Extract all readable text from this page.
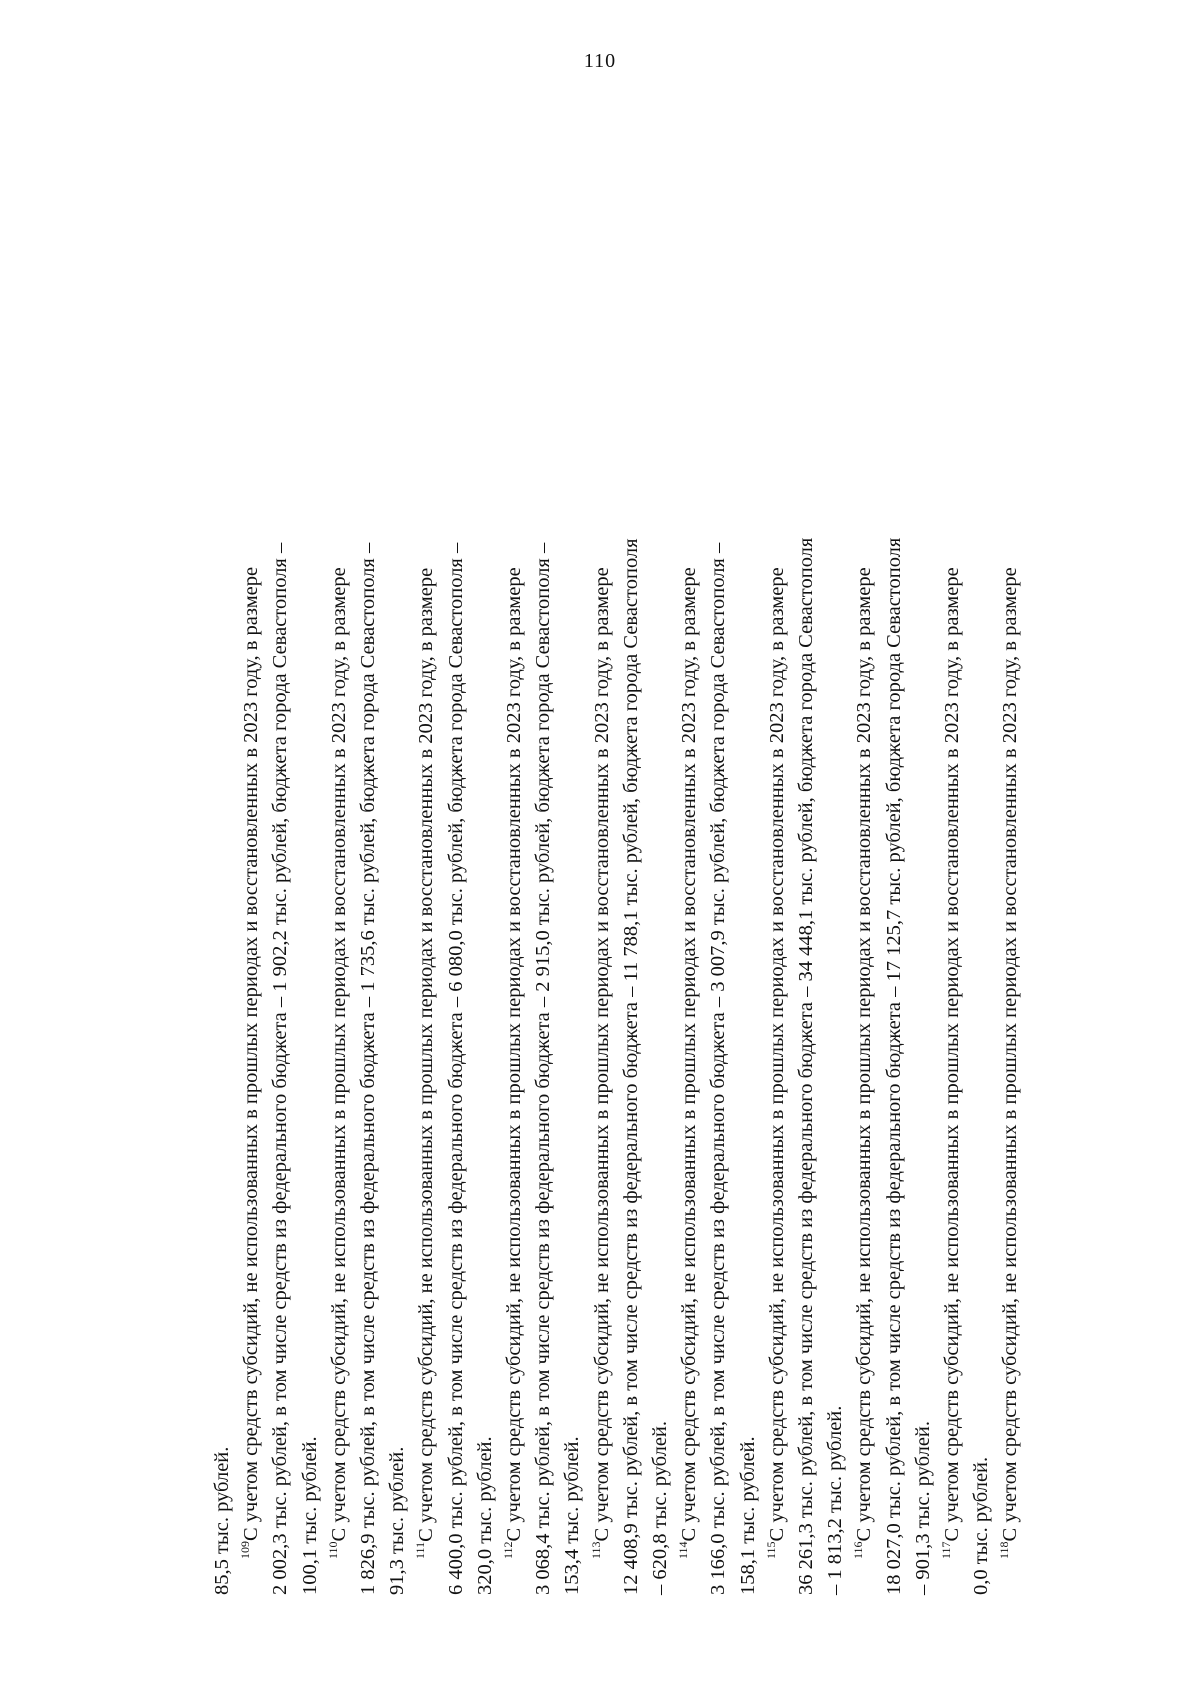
110
85,5 тыс. рублей. $^{109}$С учетом средств субсидий, не использованных в прошлых периодах и восстановленных в 2023 году, в размере 2 002,3 тыс. рублей, в том числе средств из федерального бюджета – 1 902,2 тыс. рублей, бюджета города Севастополя – 100,1 тыс. рублей. $^{110}$С учетом средств субсидий, не использованных в прошлых периодах и восстановленных в 2023 году, в размере 1 826,9 тыс. рублей, в том числе средств из федерального бюджета – 1 735,6 тыс. рублей, бюджета города Севастополя – 91,3 тыс. рублей. $^{111}$С учетом средств субсидий, не использованных в прошлых периодах и восстановленных в 2023 году, в размере 6 400,0 тыс. рублей, в том числе средств из федерального бюджета – 6 080,0 тыс. рублей, бюджета города Севастополя – 320,0 тыс. рублей. $^{112}$С учетом средств субсидий, не использованных в прошлых периодах и восстановленных в 2023 году, в размере 3 068,4 тыс. рублей, в том числе средств из федерального бюджета – 2 915,0 тыс. рублей, бюджета города Севастополя – 153,4 тыс. рублей. $^{113}$С учетом средств субсидий, не использованных в прошлых периодах и восстановленных в 2023 году, в размере 12 408,9 тыс. рублей, в том числе средств из федерального бюджета – 11 788,1 тыс. рублей, бюджета города Севастополя – 620,8 тыс. рублей. $^{114}$С учетом средств субсидий, не использованных в прошлых периодах и восстановленных в 2023 году, в размере 3 166,0 тыс. рублей, в том числе средств из федерального бюджета – 3 007,9 тыс. рублей, бюджета города Севастополя – 158,1 тыс. рублей. $^{115}$С учетом средств субсидий, не использованных в прошлых периодах и восстановленных в 2023 году, в размере 36 261,3 тыс. рублей, в том числе средств из федерального бюджета – 34 448,1 тыс. рублей, бюджета города Севастополя – 1 813,2 тыс. рублей. $^{116}$С учетом средств субсидий, не использованных в прошлых периодах и восстановленных в 2023 году, в размере 18 027,0 тыс. рублей, в том числе средств из федерального бюджета – 17 125,7 тыс. рублей, бюджета города Севастополя – 901,3 тыс. рублей. $^{117}$С учетом средств субсидий, не использованных в прошлых периодах и восстановленных в 2023 году, в размере 0,0 тыс. рублей. $^{118}$С учетом средств субсидий, не использованных в прошлых периодах и восстановленных в 2023 году, в размере
